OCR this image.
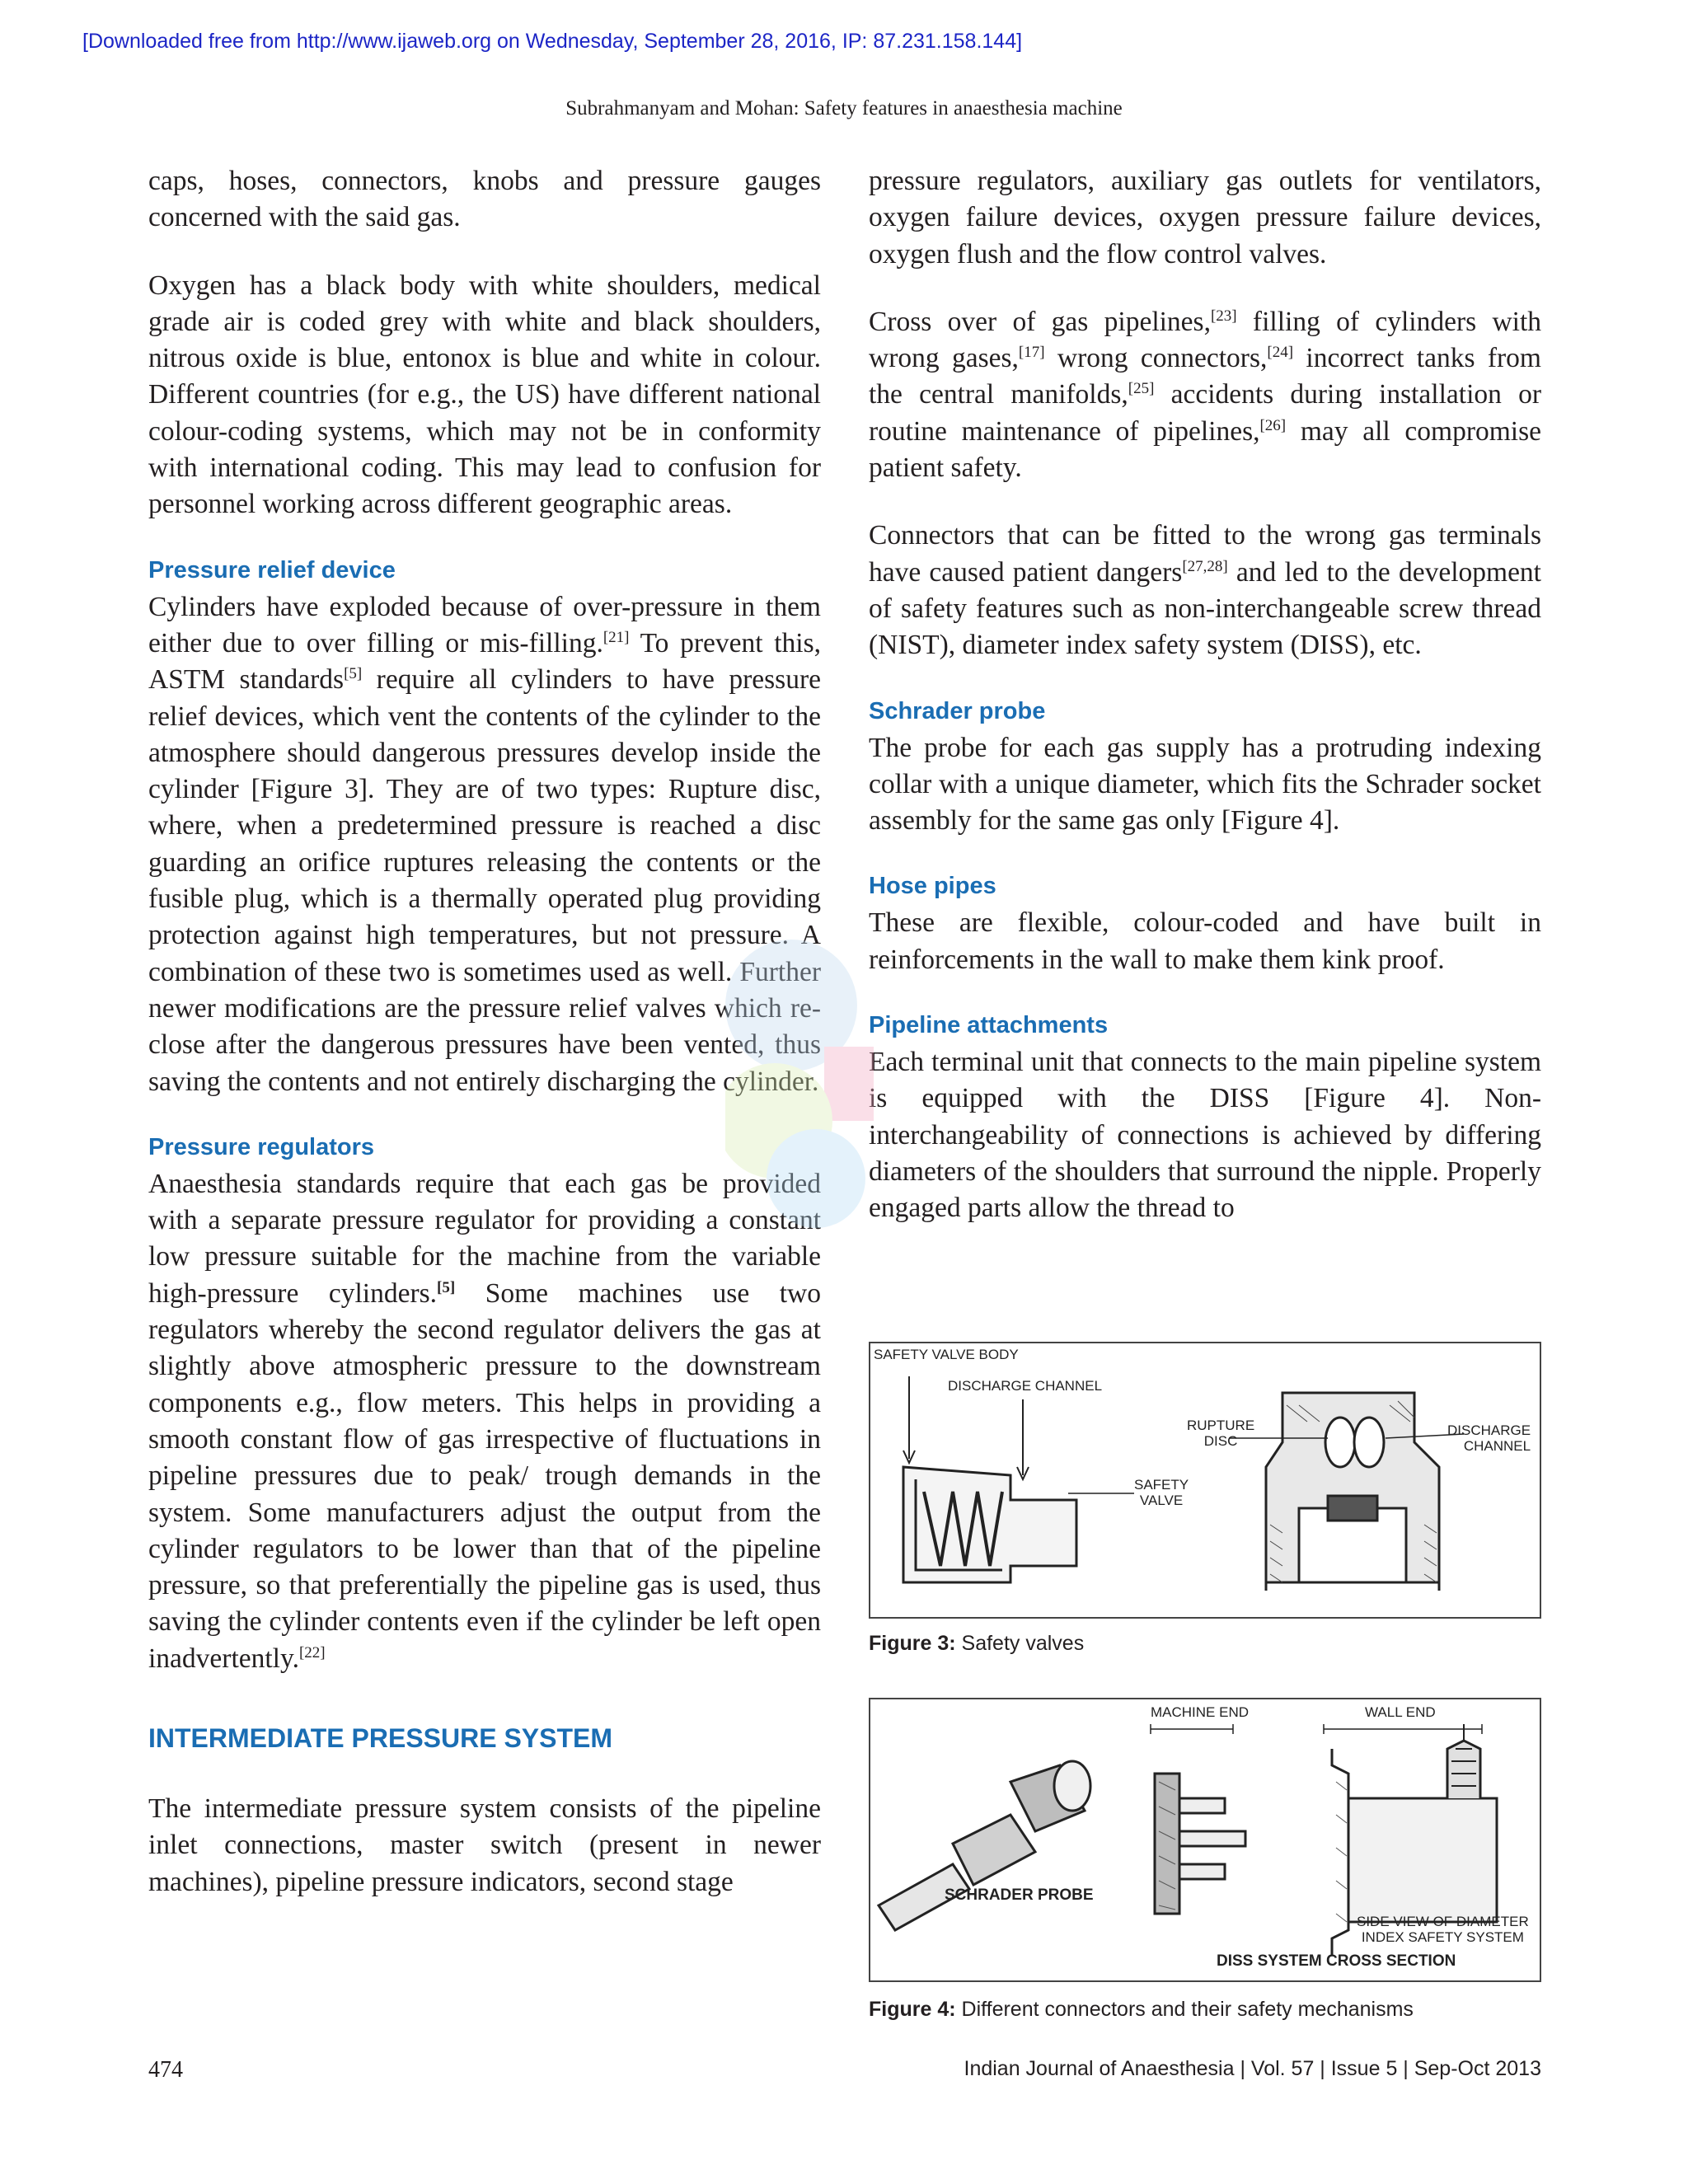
[Downloaded free from http://www.ijaweb.org on Wednesday, September 28, 2016, IP: 87.231.158.144]
Subrahmanyam and Mohan: Safety features in anaesthesia machine

caps, hoses, connectors, knobs and pressure gauges concerned with the said gas.

Oxygen has a black body with white shoulders, medical grade air is coded grey with white and black shoulders, nitrous oxide is blue, entonox is blue and white in colour. Different countries (for e.g., the US) have different national colour-coding systems, which may not be in conformity with international coding. This may lead to confusion for personnel working across different geographic areas.

Pressure relief device

Cylinders have exploded because of over-pressure in them either due to over filling or mis-filling.[21] To prevent this, ASTM standards[5] require all cylinders to have pressure relief devices, which vent the contents of the cylinder to the atmosphere should dangerous pressures develop inside the cylinder [Figure 3]. They are of two types: Rupture disc, where, when a predetermined pressure is reached a disc guarding an orifice ruptures releasing the contents or the fusible plug, which is a thermally operated plug providing protection against high temperatures, but not pressure. A combination of these two is sometimes used as well. Further newer modifications are the pressure relief valves which re-close after the dangerous pressures have been vented, thus saving the contents and not entirely discharging the cylinder.

Pressure regulators

Anaesthesia standards require that each gas be provided with a separate pressure regulator for providing a constant low pressure suitable for the machine from the variable high-pressure cylinders.[5] Some machines use two regulators whereby the second regulator delivers the gas at slightly above atmospheric pressure to the downstream components e.g., flow meters. This helps in providing a smooth constant flow of gas irrespective of fluctuations in pipeline pressures due to peak/ trough demands in the system. Some manufacturers adjust the output from the cylinder regulators to be lower than that of the pipeline pressure, so that preferentially the pipeline gas is used, thus saving the cylinder contents even if the cylinder be left open inadvertently.[22]

INTERMEDIATE PRESSURE SYSTEM

The intermediate pressure system consists of the pipeline inlet connections, master switch (present in newer machines), pipeline pressure indicators, second stage

pressure regulators, auxiliary gas outlets for ventilators, oxygen failure devices, oxygen pressure failure devices, oxygen flush and the flow control valves.

Cross over of gas pipelines,[23] filling of cylinders with wrong gases,[17] wrong connectors,[24] incorrect tanks from the central manifolds,[25] accidents during installation or routine maintenance of pipelines,[26] may all compromise patient safety.

Connectors that can be fitted to the wrong gas terminals have caused patient dangers[27,28] and led to the development of safety features such as non-interchangeable screw thread (NIST), diameter index safety system (DISS), etc.

Schrader probe

The probe for each gas supply has a protruding indexing collar with a unique diameter, which fits the Schrader socket assembly for the same gas only [Figure 4].

Hose pipes

These are flexible, colour-coded and have built in reinforcements in the wall to make them kink proof.

Pipeline attachments

Each terminal unit that connects to the main pipeline system is equipped with the DISS [Figure 4]. Non-interchangeability of connections is achieved by differing diameters of the shoulders that surround the nipple. Properly engaged parts allow the thread to

SAFETY VALVE BODY
DISCHARGE CHANNEL
SAFETY
VALVE
RUPTURE
DISC
DISCHARGE
CHANNEL
Figure 3: Safety valves
MACHINE END	WALL END
SCHRADER PROBE
SIDE VIEW OF DIAMETER
INDEX SAFETY SYSTEM
DISS SYSTEM CROSS SECTION
Figure 4: Different connectors and their safety mechanisms
474	Indian Journal of Anaesthesia | Vol. 57 | Issue 5 | Sep-Oct 2013
